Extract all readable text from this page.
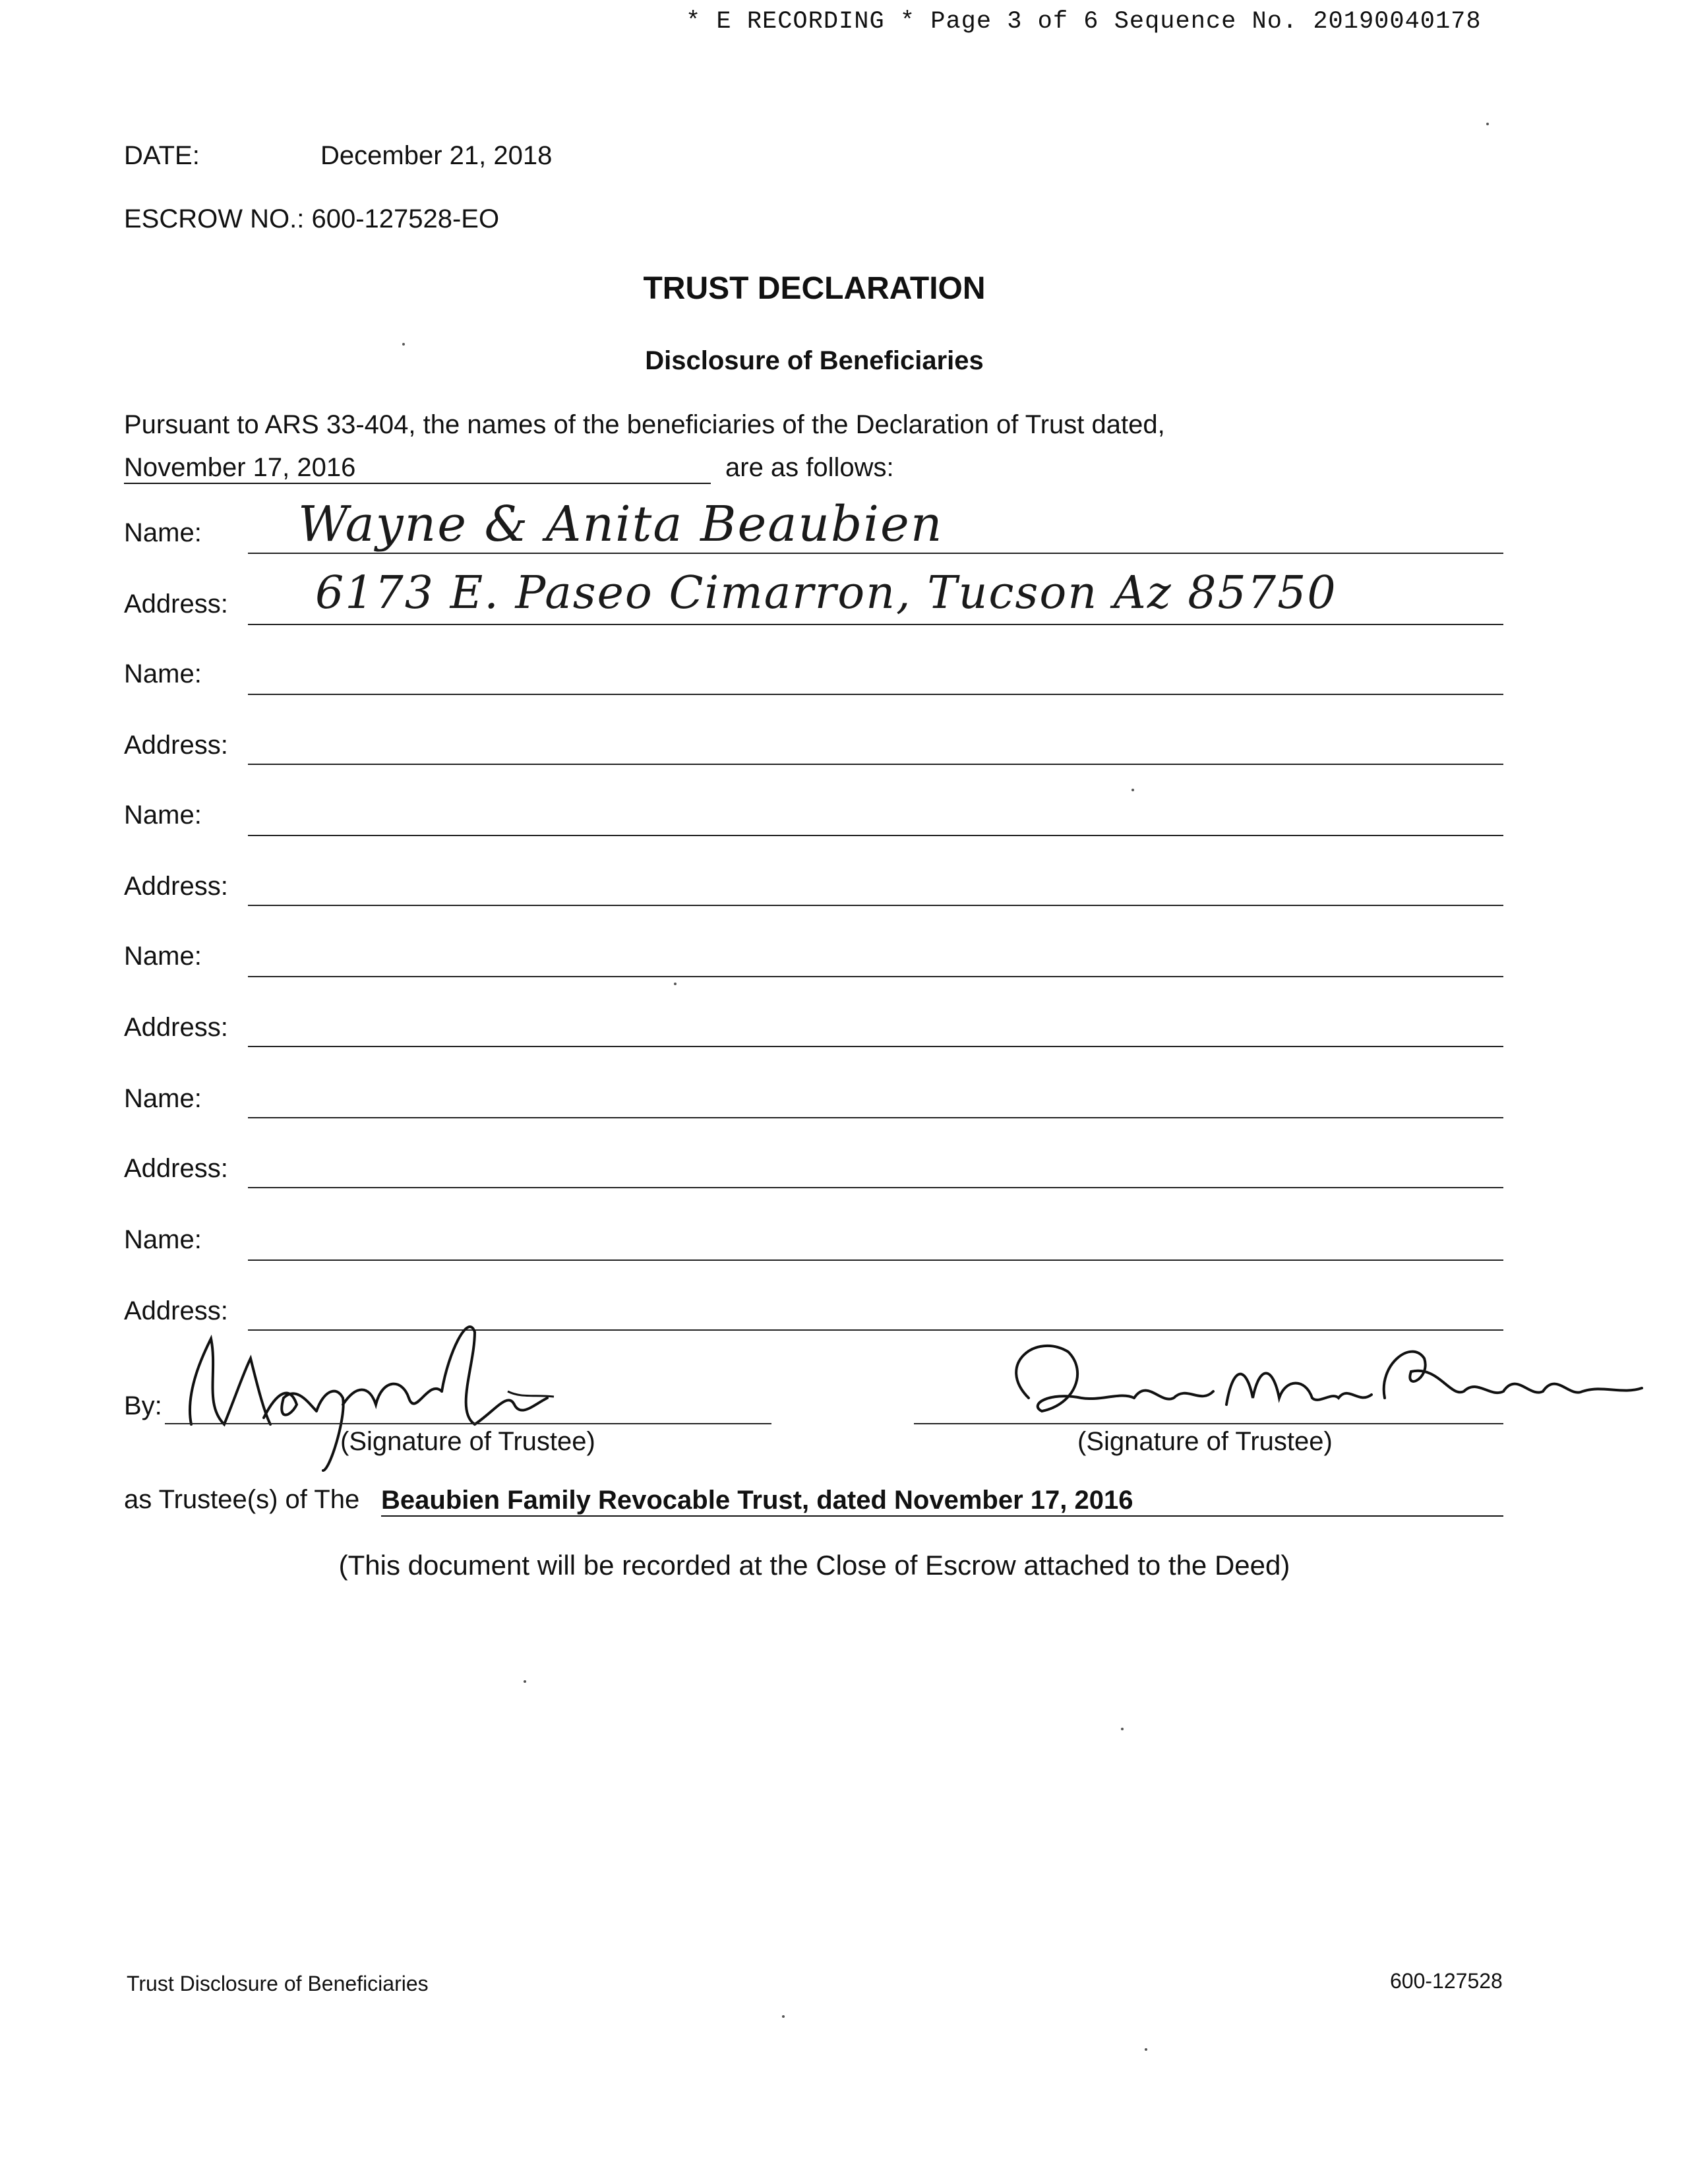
* E RECORDING * Page 3 of 6 Sequence No. 20190040178
DATE:	December 21, 2018
ESCROW NO.: 600-127528-EO
TRUST DECLARATION
Disclosure of Beneficiaries
Pursuant to ARS 33-404, the names of the beneficiaries of the Declaration of Trust dated,
November 17, 2016	are as follows:
Name: Wayne & Anita Beaubien
Address: 6173 E. Paseo Cimarron, Tucson Az 85750
Name:
Address:
Name:
Address:
Name:
Address:
Name:
Address:
Name:
Address:
By:
(Signature of Trustee)	(Signature of Trustee)
as Trustee(s) of The Beaubien Family Revocable Trust, dated November 17, 2016
(This document will be recorded at the Close of Escrow attached to the Deed)
Trust Disclosure of Beneficiaries	600-127528
